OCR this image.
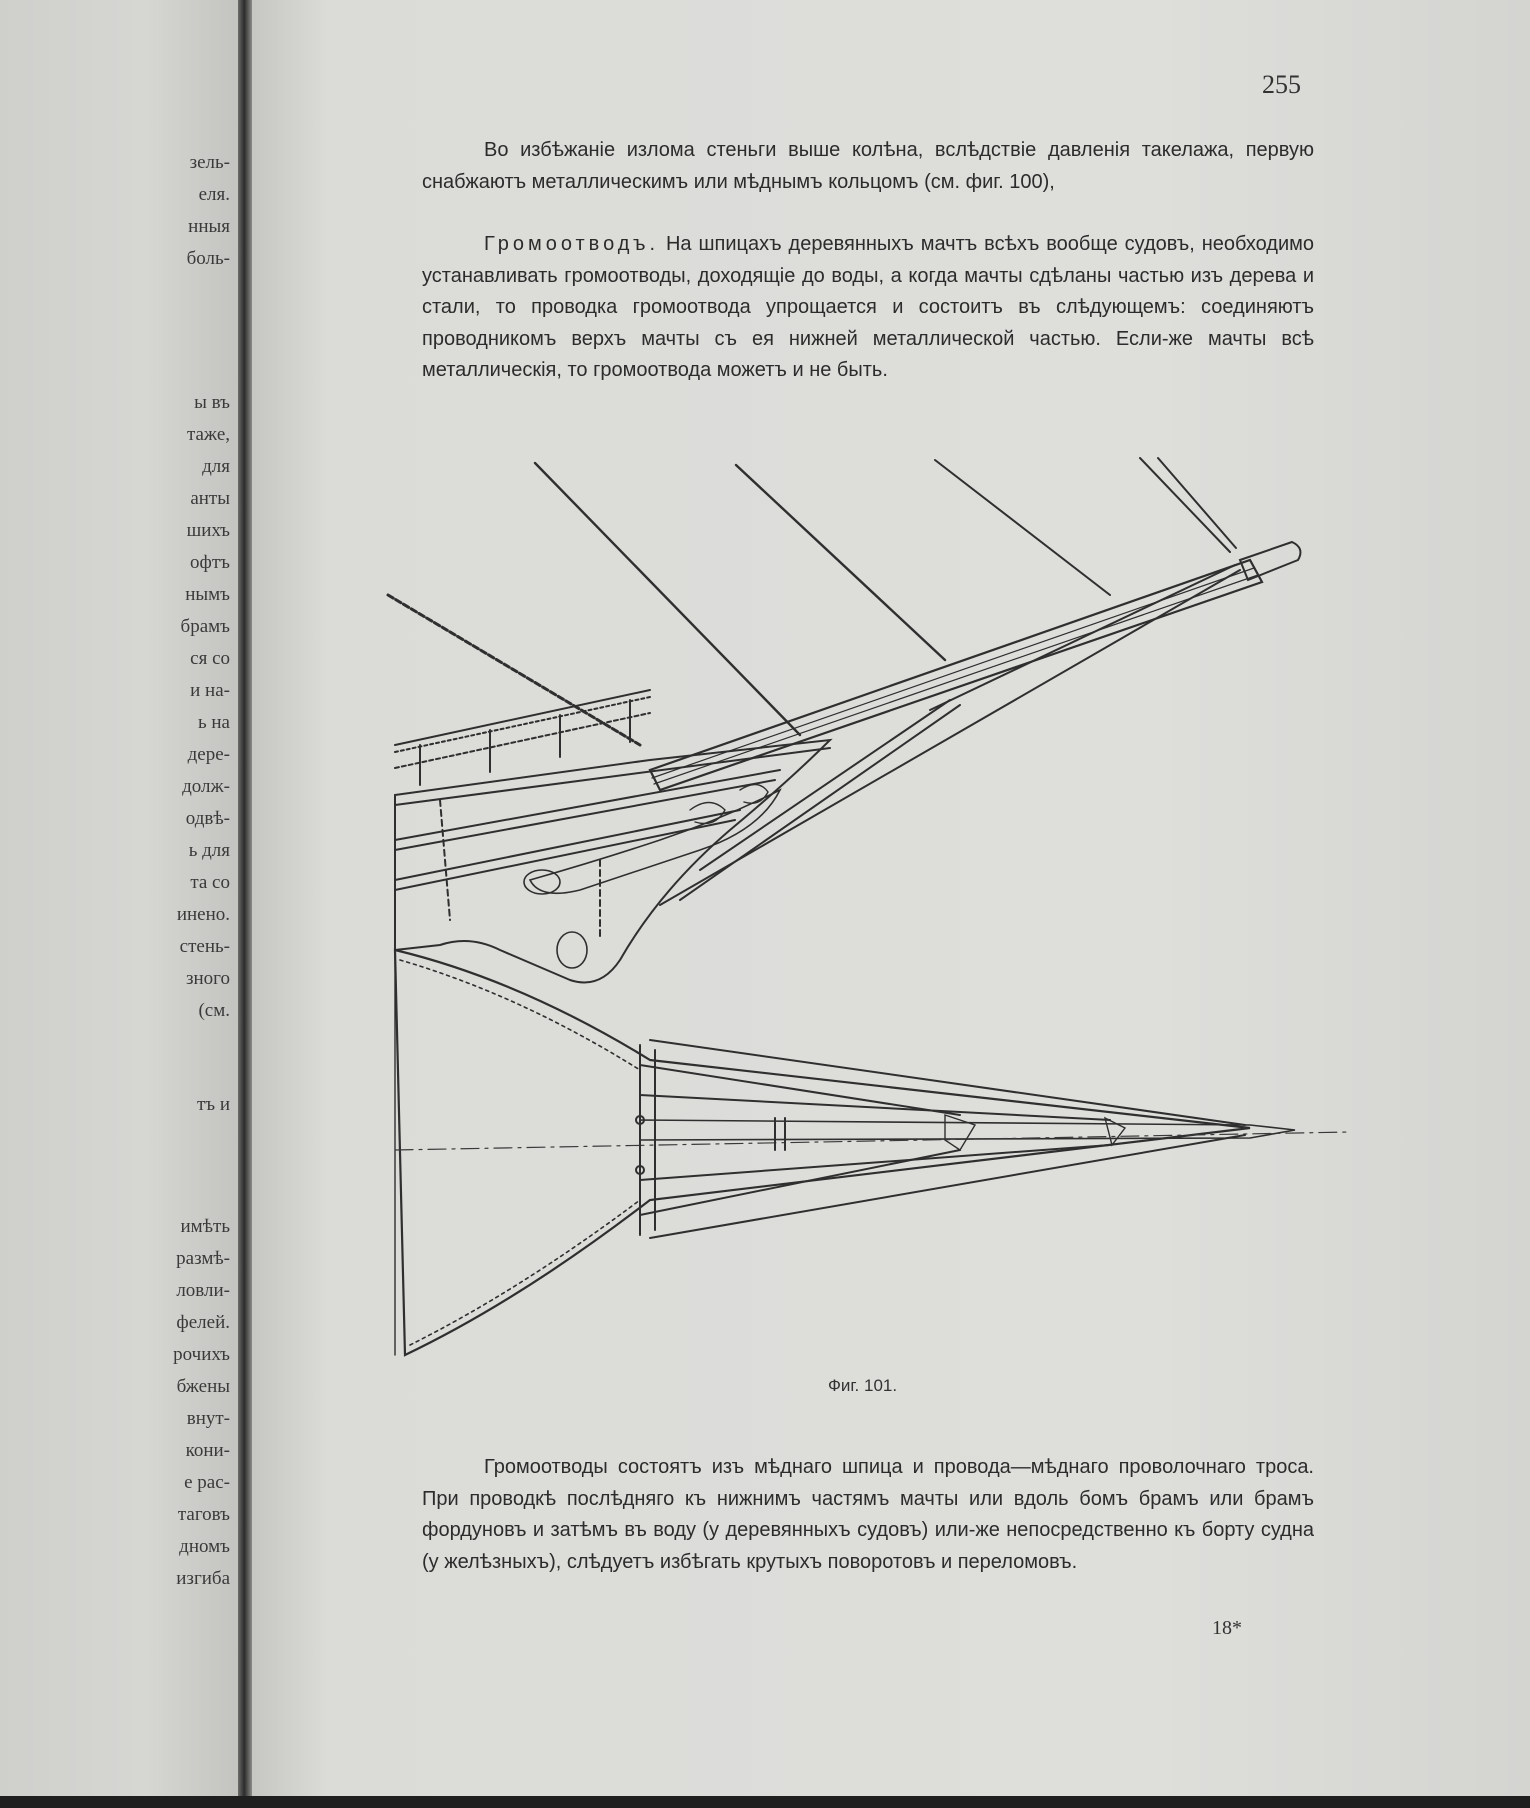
зель-
еля.
нныя
боль-
ы въ
таже,
для
анты
шихъ
офтъ
нымъ
брамъ
ся со
и на-
ь на
дере-
долж-
одвѣ-
ь для
та со
инено.
стень-
зного
(см.
тъ и
имѣть
размѣ-
ловли-
фелей.
рочихъ
бжены
внут-
кони-
е рас-
таговъ
дномъ
изгиба
255

Во избѣжаніе излома стеньги выше колѣна, вслѣдствіе давленія такелажа, первую снабжаютъ металлическимъ или мѣднымъ кольцомъ (см. фиг. 100),

Громоотводъ. На шпицахъ деревянныхъ мачтъ всѣхъ вообще судовъ, необходимо устанавливать громоотводы, доходящіе до воды, а когда мачты сдѣланы частью изъ дерева и стали, то проводка громоотвода упрощается и состоитъ въ слѣдующемъ: соединяютъ проводникомъ верхъ мачты съ ея нижней металлической частью. Если-же мачты всѣ металлическія, то громоотвода можетъ и не быть.

Фиг. 101.

Громоотводы состоятъ изъ мѣднаго шпица и провода—мѣднаго проволочнаго троса. При проводкѣ послѣдняго къ нижнимъ частямъ мачты или вдоль бомъ брамъ или брамъ фордуновъ и затѣмъ въ воду (у деревянныхъ судовъ) или-же непосредственно къ борту судна (у желѣзныхъ), слѣдуетъ избѣгать крутыхъ поворотовъ и переломовъ.

18*
